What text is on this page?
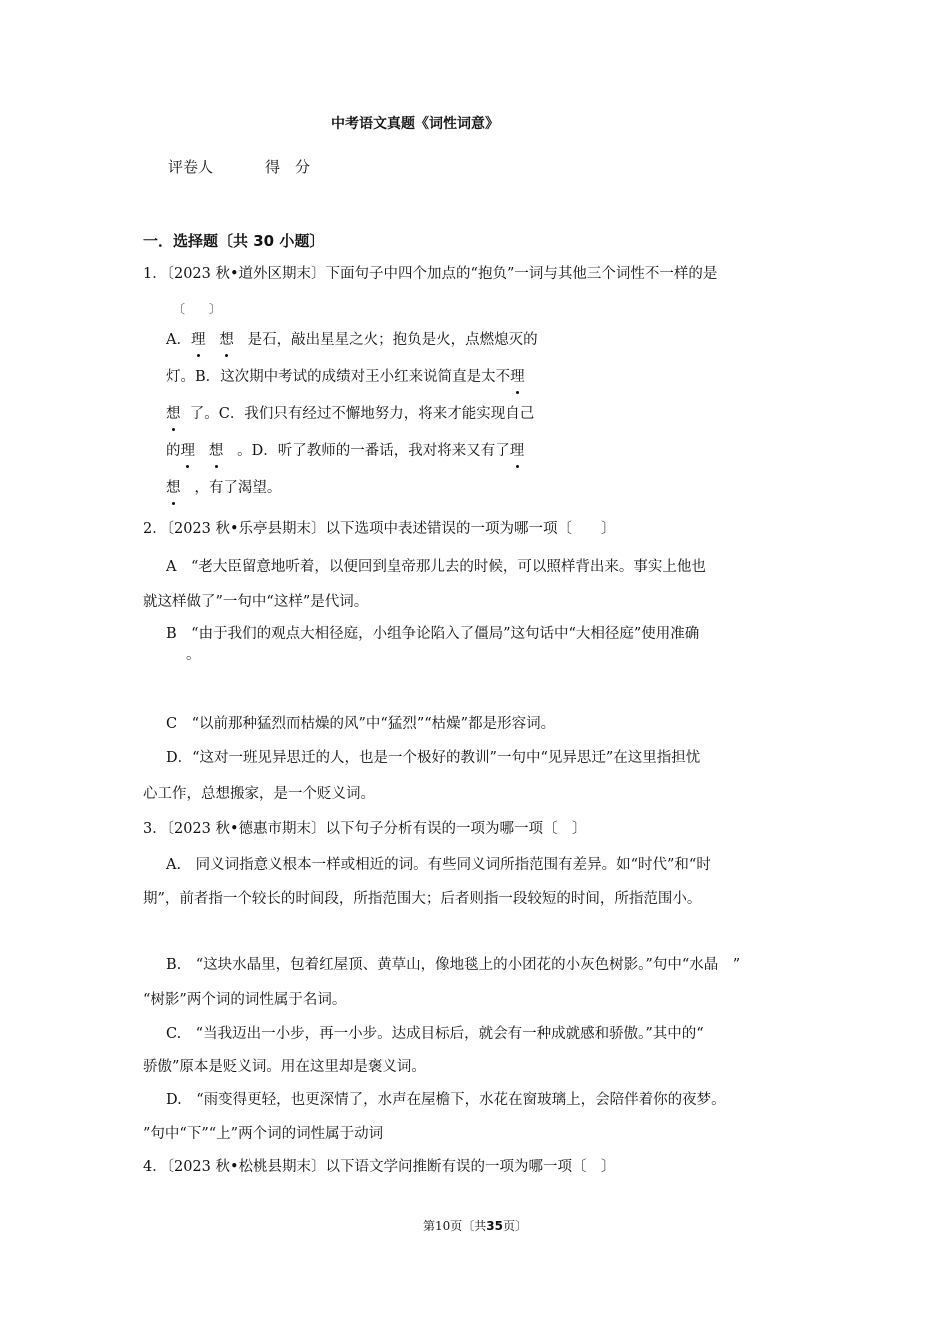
中考语文真题《词性词意》
评卷人	得　分
一．选择题〔共 30 小题〕
1．〔2023 秋•道外区期末〕下面句子中四个加点的“抱负”一词与其他三个词性不一样的是
〔　　〕
A．理 想 是石，敲出星星之火；抱负是火，点燃熄灭的
灯。B．这次期中考试的成绩对王小红来说简直是太不理
想 了。C．我们只有经过不懈地努力，将来才能实现自己
的理 想 。D．听了教师的一番话，我对将来又有了理
想 ，有了渴望。
2．〔2023 秋•乐亭县期末〕以下选项中表述错误的一项为哪一项〔　　〕
A　“老大臣留意地听着，以便回到皇帝那儿去的时候，可以照样背出来。事实上他也
就这样做了”一句中“这样”是代词。
B　“由于我们的观点大相径庭，小组争论陷入了僵局”这句话中“大相径庭”使用准确
。
C　“以前那种猛烈而枯燥的风”中“猛烈”“枯燥”都是形容词。
D．“这对一班见异思迁的人，也是一个极好的教训”一句中“见异思迁”在这里指担忧
心工作，总想搬家，是一个贬义词。
3．〔2023 秋•德惠市期末〕以下句子分析有误的一项为哪一项〔　〕
A.　同义词指意义根本一样或相近的词。有些同义词所指范围有差异。如“时代”和“时
期”，前者指一个较长的时间段，所指范围大；后者则指一段较短的时间，所指范围小。
B.　“这块水晶里，包着红屋顶、黄草山，像地毯上的小团花的小灰色树影。”句中“水晶　”
“树影”两个词的词性属于名词。
C.　“当我迈出一小步，再一小步。达成目标后，就会有一种成就感和骄傲。”其中的“
骄傲”原本是贬义词。用在这里却是褒义词。
D.　“雨变得更轻，也更深情了，水声在屋檐下，水花在窗玻璃上，会陪伴着你的夜梦。
”句中“下”“上”两个词的词性属于动词
4．〔2023 秋•松桃县期末〕以下语文学问推断有误的一项为哪一项〔　〕
第10页〔共35页〕
